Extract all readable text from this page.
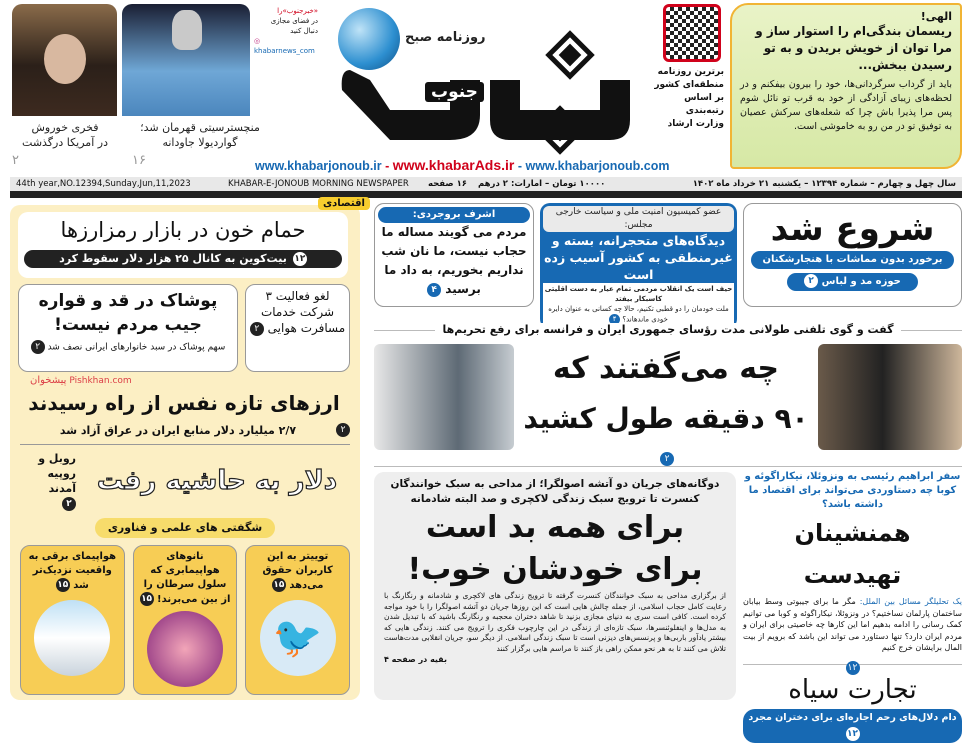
فخری خوروش
در آمریکا درگذشت
۲
«خبرجنوب»را
در فضای مجازی
دنبال کنید
◎ khabarnews_com
منچسترسیتی قهرمان شد؛
گواردیولا جاودانه
۱۶
روزنامه صبح
جنوب
www.khabarjonoub.ir - www.khabarAds.ir - www.khabarjonoub.com
برترین روزنامه
منطقه‌ای کشور
بر اساس
رتبه‌بندی
وزارت ارشاد
الهی!
ریسمان بندگی‌ام را استوار ساز و مرا توان از خویش بریدن و به تو رسیدن ببخش...
باید از گرداب سرگردانی‌ها، خود را بیرون بیفکنم و در لحظه‌های زیبای آزادگی از خود به قرب تو نائل شوم پس مرا پذیرا باش چرا که شعله‌های سرکش عصیان به توفیق تو در من رو به خاموشی است.
44th year,NO.12394,Sunday,Jun,11,2023	KHABAR-E-JONOUB MORNING NEWSPAPER ۱۶ صفحه ۱۰۰۰۰ تومان – امارات: ۲ درهم	سال چهل و چهارم – شماره ۱۲۳۹۴ – یکشنبه ۲۱ خرداد ماه ۱۴۰۲
اقتصادی
حمام خون در بازار رمزارزها
بیت‌کوین به کانال ۲۵ هزار دلار سقوط کرد ۱۲
پوشاک در قد و قواره جیب مردم نیست!
سهم پوشاک در سبد خانوارهای ایرانی نصف شد ۲
لغو فعالیت ۳ شرکت خدمات مسافرت هوایی ۲
پیشخوان Pishkhan.com
ارزهای تازه نفس از راه رسیدند
۲/۷ میلیارد دلار منابع ایران در عراق آزاد شد	۲
روبل و روپیه آمدند
۲
دلار به حاشیه رفت
شگفتی های علمی و فناوری
توییتر به این کاربران حقوق می‌دهد ۱۵
🐦
نانوهای هواپیمابری که سلول سرطان را از بین می‌برند! ۱۵
هواپیمای برقی به واقعیت نزدیک‌تر شد ۱۵
اشرف بروجردی:
مردم می گویند مساله ما حجاب نیست، ما نان شب نداریم بخوریم، به داد ما برسید ۴
عضو کمیسیون امنیت ملی و سیاست خارجی مجلس:
دیدگاه‌های متحجرانه، بسته و غیرمنطقی به کشور آسیب زده است
حیف است یک انقلاب مردمی تمام عیار به دست اقلیتی کاسبکار بیفتد
ملت خودمان را دو قطبی تکنیم، حالا چه کسانی به عنوان دایره خودی ماندهاند؟ ۴
شروع شد
برخورد بدون مماشات با هنجارشکنان
حوزه مد و لباس ۲
گفت و گوی تلفنی طولانی مدت رؤسای جمهوری ایران و فرانسه برای رفع تحریم‌ها
چه می‌گفتند که
۹۰ دقیقه طول کشید
۲
دوگانه‌های جریان دو آتشه اصولگرا؛ از مداحی به سبک خوانندگان کنسرت تا ترویج سبک زندگی لاکچری و صد البته شادمانه
برای همه بد است
برای خودشان خوب!
از برگزاری مداحی به سبک خوانندگان کنسرت گرفته تا ترویج زندگی های لاکچری و شادمانه و رنگارنگ با رعایت کامل حجاب اسلامی، از جمله چالش هایی است که این روزها جریان دو آتشه اصولگرا را با خود مواجه کرده است. کافی است سری به دنیای مجازی بزنید تا شاهد دختران محجبه و رنگارنگ باشید که با تبدیل شدن به مدل‌ها و اینفلوئنسرها، سبک تازه‌ای از زندگی در این چارچوب فکری را ترویج می کنند. زندگی هایی که بیشتر یادآور باربی‌ها و پرنسس‌های دیزنی است تا سبک زندگی اسلامی. از دیگر سو، جریان انقلابی مدت‌هاست تلاش می کنند تا به هر نحو ممکن راهی باز کنند تا مراسم هایی برگزار کنند
بقیه در صفحه ۴
سفر ابراهیم رئیسی به ونزوئلا، نیکاراگوئه و کوبا چه دستاوردی می‌تواند برای اقتصاد ما داشته باشد؟
همنشینان تهیدست
یک تحلیلگر مسائل بین الملل: مگر ما برای جیبوتی وسط بیابان ساختمان پارلمان نساختیم؟ در ونزوئلا، نیکاراگوئه و کوبا می توانیم کمک رسانی را ادامه بدهیم اما این کارها چه خاصیتی برای ایران و مردم ایران دارد؟ تنها دستاورد می تواند این باشد که برویم از بیت المال برایشان خرج کنیم
۱۲
تجارت سیاه
دام دلال‌های رحم اجاره‌ای برای دختران مجرد ۱۲
